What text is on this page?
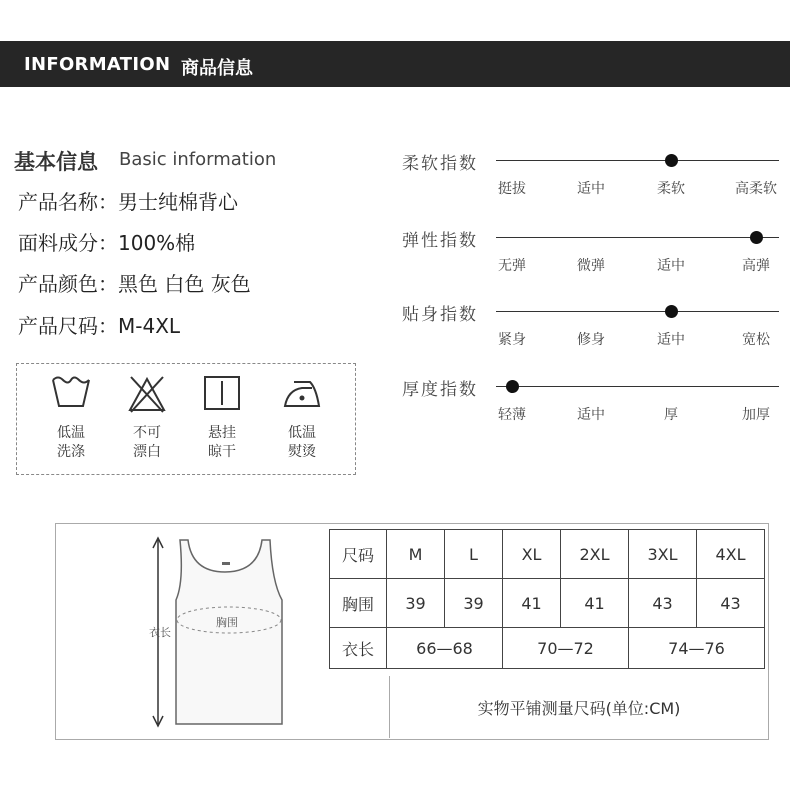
INFORMATION 商品信息
基本信息 Basic information
产品名称：男士纯棉背心
面料成分：100%棉
产品颜色：黑色 白色 灰色
产品尺码：M-4XL
低温
洗涤
不可
漂白
悬挂
晾干
低温
熨烫
柔软指数
挺拔	适中	柔软	高柔软
弹性指数
无弹	微弹	适中	高弹
贴身指数
紧身	修身	适中	宽松
厚度指数
轻薄	适中	厚	加厚
衣长
胸围
尺码	M	L	XL	2XL	3XL	4XL
胸围	39	39	41	41	43	43
衣长	66—68		70—72		74—76	
实物平铺测量尺码(单位:CM)
